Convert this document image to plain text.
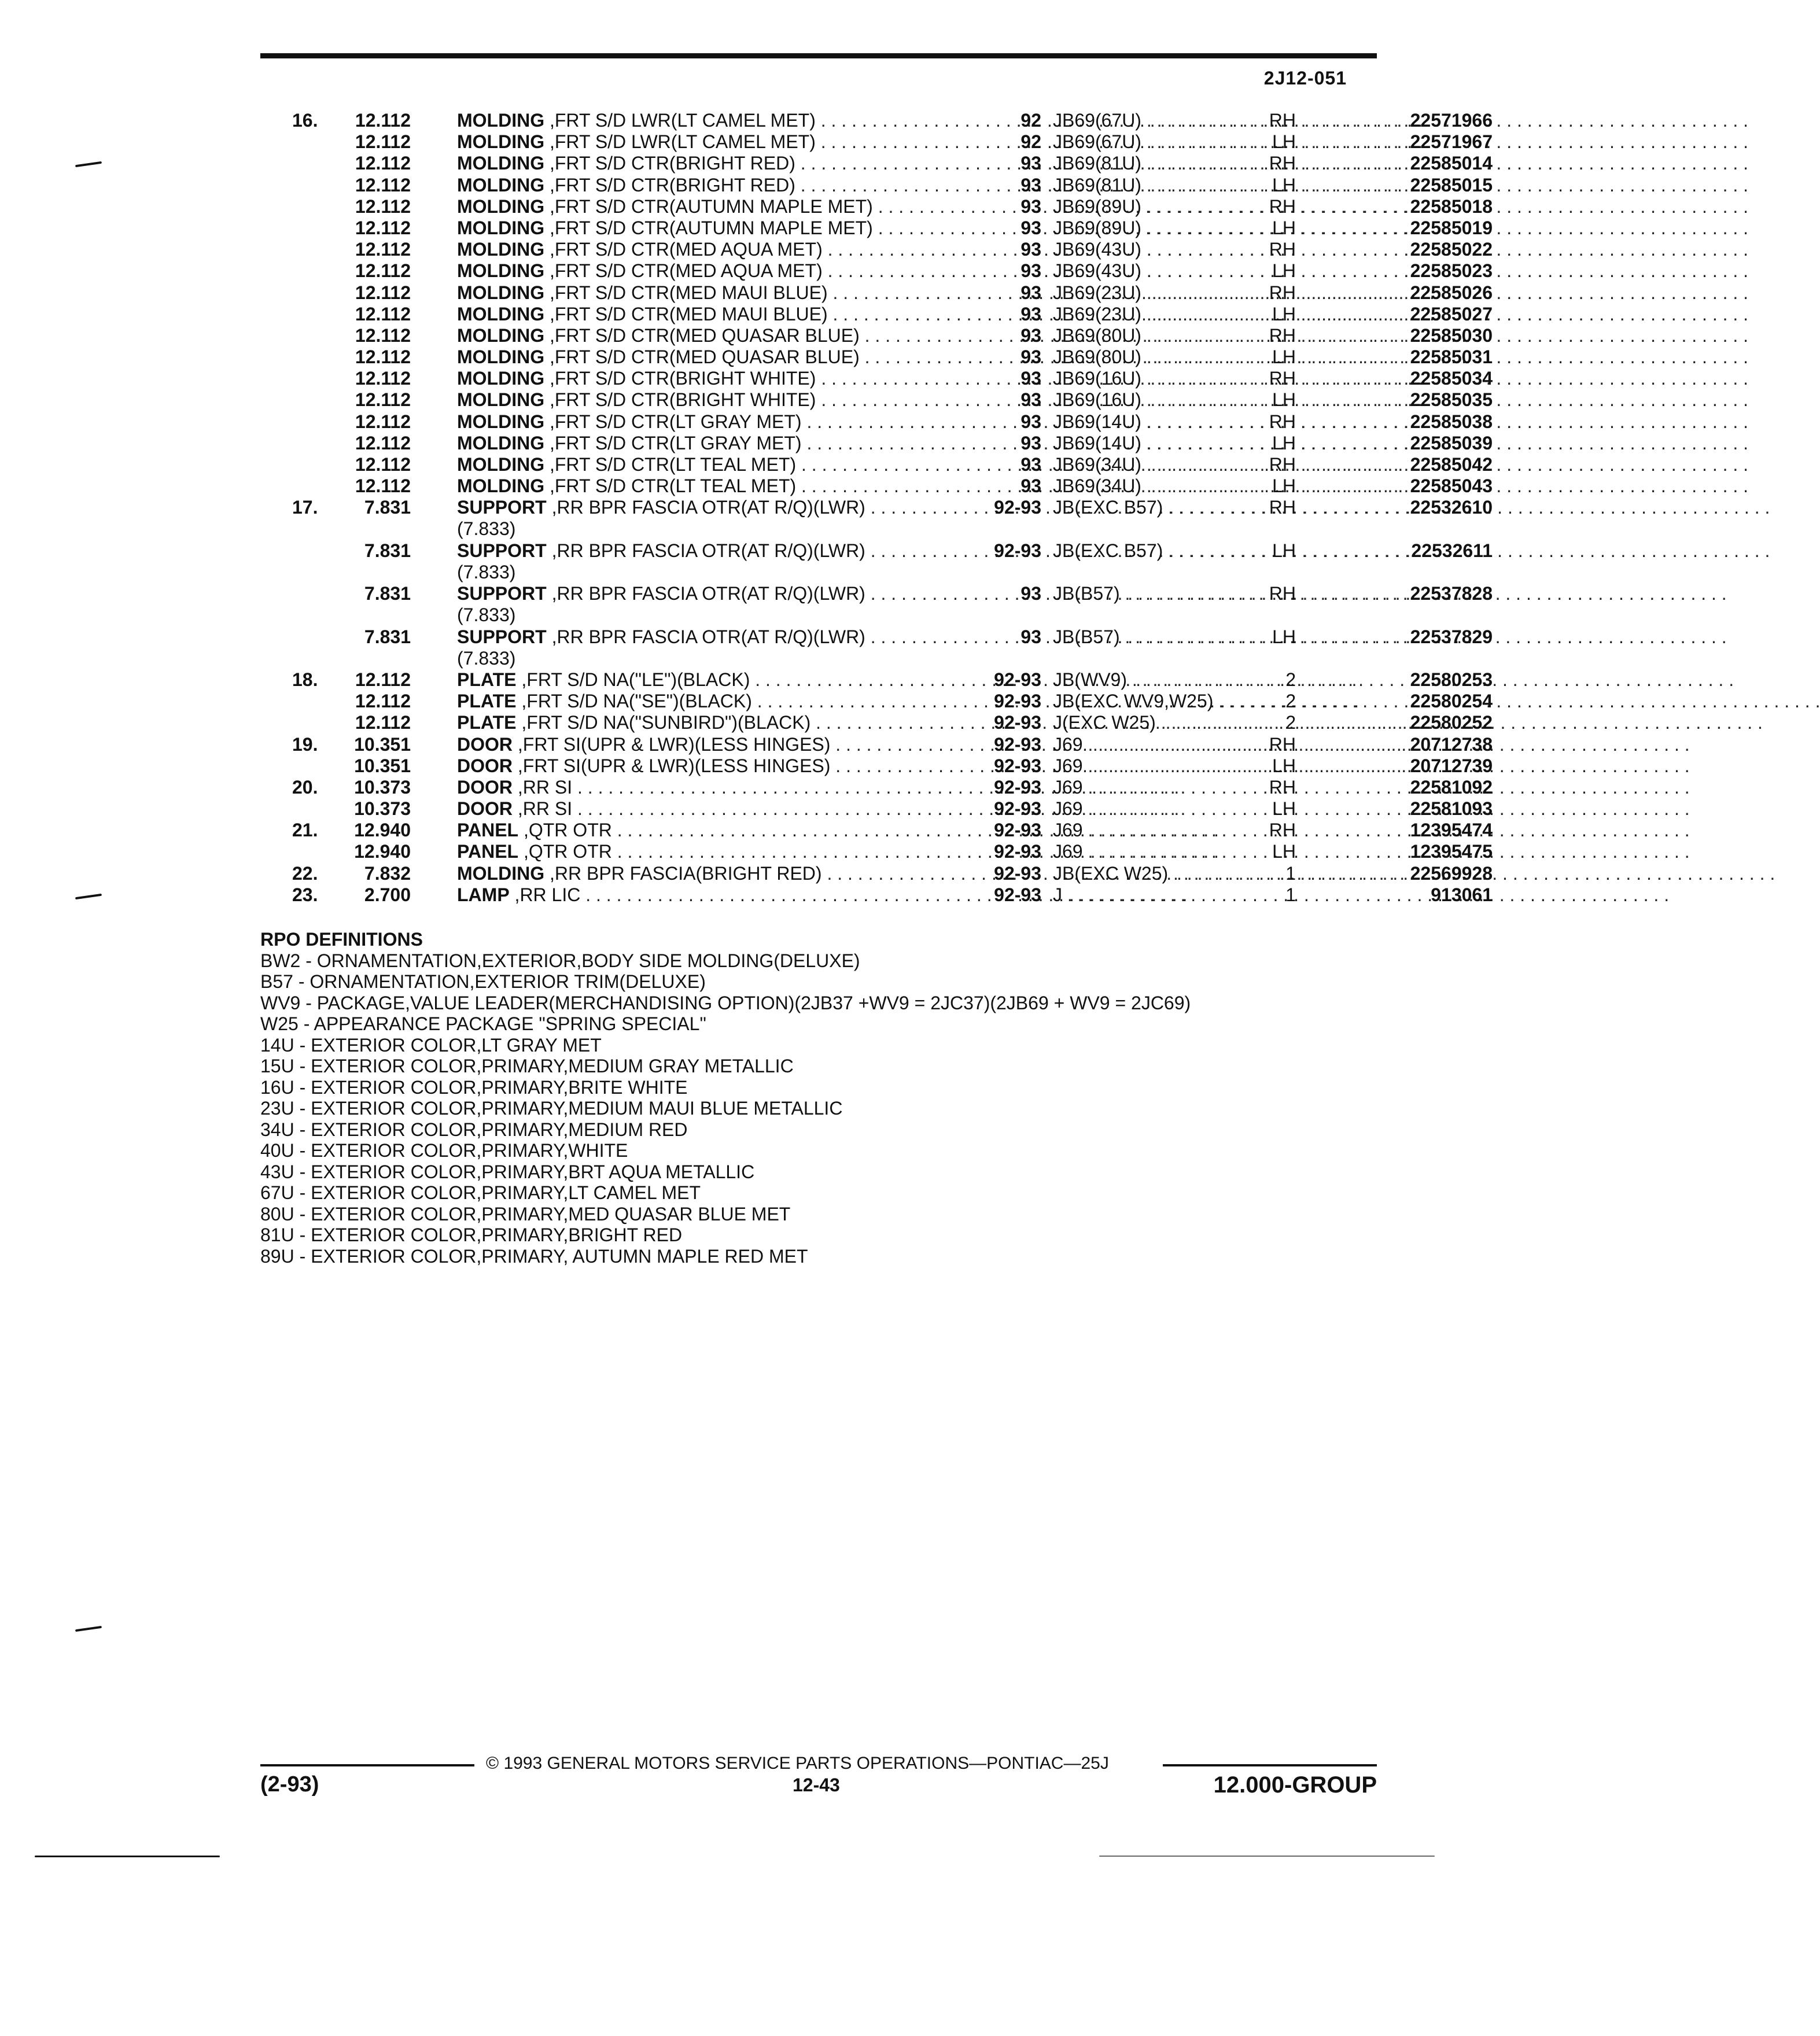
2J12-051
16.	12.112	MOLDING ,FRT S/D LWR(LT CAMEL MET) . . .	92 JB69(67U) . . .	RH	22571966
12.112	MOLDING ,FRT S/D LWR(LT CAMEL MET) . . .	92 JB69(67U) . . .	LH	22571967
12.112	MOLDING ,FRT S/D CTR(BRIGHT RED) . . .	93 JB69(81U) . . .	RH	22585014
12.112	MOLDING ,FRT S/D CTR(BRIGHT RED) . . .	93 JB69(81U) . . .	LH	22585015
12.112	MOLDING ,FRT S/D CTR(AUTUMN MAPLE MET) . . .	93 JB69(89U) . . .	RH	22585018
12.112	MOLDING ,FRT S/D CTR(AUTUMN MAPLE MET) . . .	93 JB69(89U) . . .	LH	22585019
12.112	MOLDING ,FRT S/D CTR(MED AQUA MET) . . .	93 JB69(43U) . . .	RH	22585022
12.112	MOLDING ,FRT S/D CTR(MED AQUA MET) . . .	93 JB69(43U) . . .	LH	22585023
12.112	MOLDING ,FRT S/D CTR(MED MAUI BLUE) . . .	93 JB69(23U) . . .	RH	22585026
12.112	MOLDING ,FRT S/D CTR(MED MAUI BLUE) . . .	93 JB69(23U) . . .	LH	22585027
12.112	MOLDING ,FRT S/D CTR(MED QUASAR BLUE) . . .	93 JB69(80U) . . .	RH	22585030
12.112	MOLDING ,FRT S/D CTR(MED QUASAR BLUE) . . .	93 JB69(80U) . . .	LH	22585031
12.112	MOLDING ,FRT S/D CTR(BRIGHT WHITE) . . .	93 JB69(16U) . . .	RH	22585034
12.112	MOLDING ,FRT S/D CTR(BRIGHT WHITE) . . .	93 JB69(16U) . . .	LH	22585035
12.112	MOLDING ,FRT S/D CTR(LT GRAY MET) . . .	93 JB69(14U) . . .	RH	22585038
12.112	MOLDING ,FRT S/D CTR(LT GRAY MET) . . .	93 JB69(14U) . . .	LH	22585039
12.112	MOLDING ,FRT S/D CTR(LT TEAL MET) . . .	93 JB69(34U) . . .	RH	22585042
12.112	MOLDING ,FRT S/D CTR(LT TEAL MET) . . .	93 JB69(34U) . . .	LH	22585043
17.	7.831	SUPPORT ,RR BPR FASCIA OTR(AT R/Q)(LWR) . . .
(7.833)
92-93 JB(EXC B57) . . .	RH	22532610
7.831	SUPPORT ,RR BPR FASCIA OTR(AT R/Q)(LWR) . . .
(7.833)
92-93 JB(EXC B57) . . .	LH	22532611
7.831	SUPPORT ,RR BPR FASCIA OTR(AT R/Q)(LWR) . . .
(7.833)
93 JB(B57) . . .	RH	22537828
7.831	SUPPORT ,RR BPR FASCIA OTR(AT R/Q)(LWR) . . .
(7.833)
93 JB(B57) . . .	LH	22537829
18.	12.112	PLATE ,FRT S/D NA("LE")(BLACK) . . .	92-93 JB(WV9) . . .	2	22580253
12.112	PLATE ,FRT S/D NA("SE")(BLACK) . . .	92-93 JB(EXC WV9,W25) . . .	2	22580254
12.112	PLATE ,FRT S/D NA("SUNBIRD")(BLACK) . . .	92-93 J(EXC W25) . . .	2	22580252
19.	10.351	DOOR ,FRT SI(UPR & LWR)(LESS HINGES) . . .	92-93 J69 . . .	RH	20712738
10.351	DOOR ,FRT SI(UPR & LWR)(LESS HINGES) . . .	92-93 J69 . . .	LH	20712739
20.	10.373	DOOR ,RR SI . . .	92-93 J69 . . .	RH	22581092
10.373	DOOR ,RR SI . . .	92-93 J69 . . .	LH	22581093
21.	12.940	PANEL ,QTR OTR . . .	92-93 J69 . . .	RH	12395474
12.940	PANEL ,QTR OTR . . .	92-93 J69 . . .	LH	12395475
22.	7.832	MOLDING ,RR BPR FASCIA(BRIGHT RED) . . .	92-93 JB(EXC W25) . . .	1	22569928
23.	2.700	LAMP ,RR LIC . . .	92-93 J . . .	1	913061
RPO DEFINITIONS
BW2 - ORNAMENTATION,EXTERIOR,BODY SIDE MOLDING(DELUXE)
B57 - ORNAMENTATION,EXTERIOR TRIM(DELUXE)
WV9 - PACKAGE,VALUE LEADER(MERCHANDISING OPTION)(2JB37 +WV9 = 2JC37)(2JB69 + WV9 = 2JC69)
W25 - APPEARANCE PACKAGE "SPRING SPECIAL"
14U - EXTERIOR COLOR,LT GRAY MET
15U - EXTERIOR COLOR,PRIMARY,MEDIUM GRAY METALLIC
16U - EXTERIOR COLOR,PRIMARY,BRITE WHITE
23U - EXTERIOR COLOR,PRIMARY,MEDIUM MAUI BLUE METALLIC
34U - EXTERIOR COLOR,PRIMARY,MEDIUM RED
40U - EXTERIOR COLOR,PRIMARY,WHITE
43U - EXTERIOR COLOR,PRIMARY,BRT AQUA METALLIC
67U - EXTERIOR COLOR,PRIMARY,LT CAMEL MET
80U - EXTERIOR COLOR,PRIMARY,MED QUASAR BLUE MET
81U - EXTERIOR COLOR,PRIMARY,BRIGHT RED
89U - EXTERIOR COLOR,PRIMARY, AUTUMN MAPLE RED MET
© 1993 GENERAL MOTORS SERVICE PARTS OPERATIONS—PONTIAC—25J
(2-93)	12-43	12.000-GROUP
